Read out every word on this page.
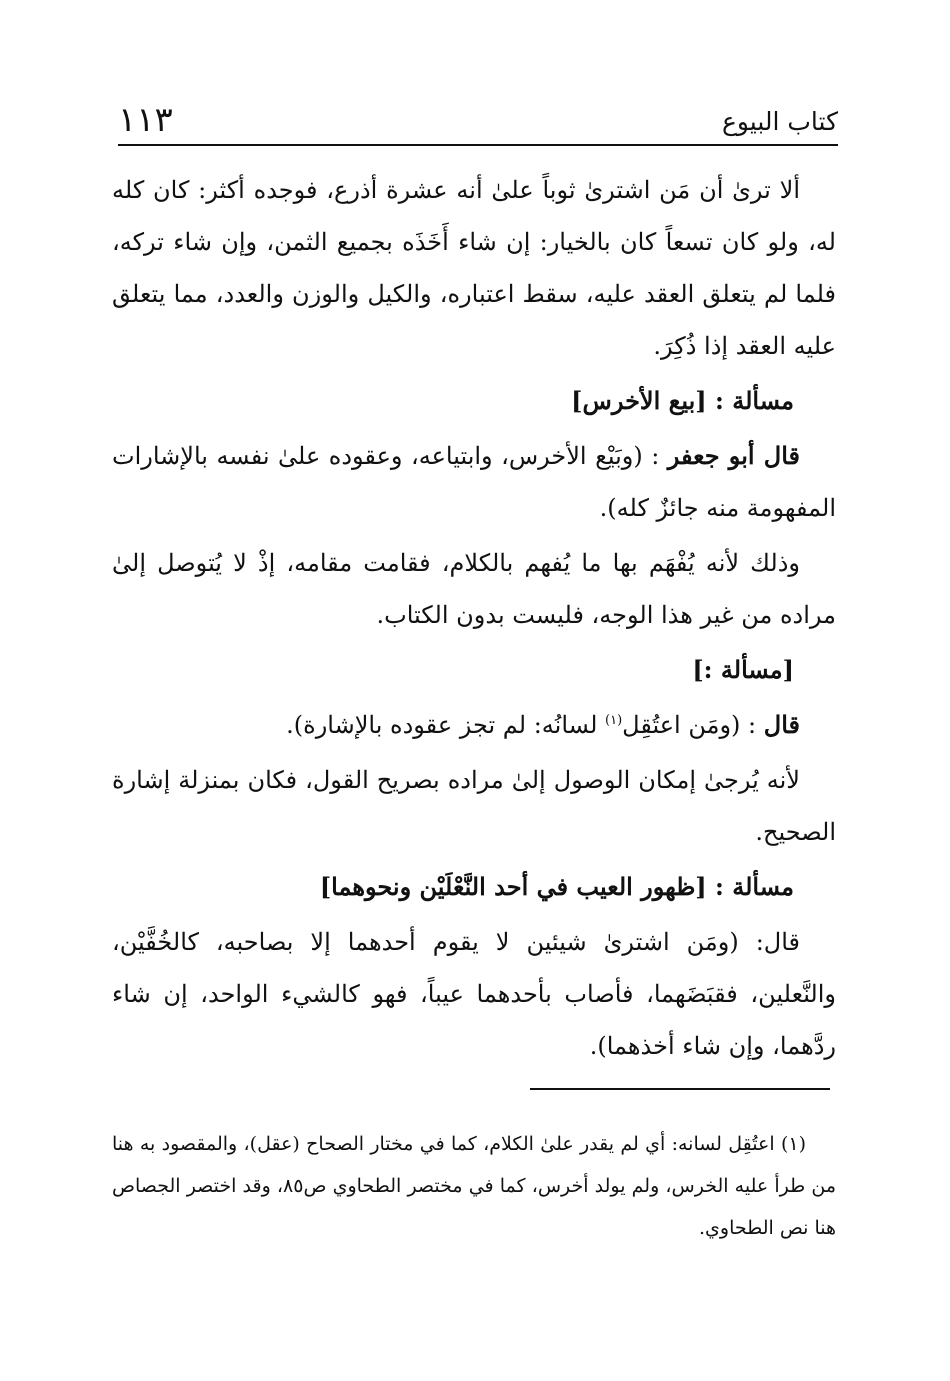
كتاب البيوع
١١٣

ألا ترىٰ أن مَن اشترىٰ ثوباً علىٰ أنه عشرة أذرع، فوجده أكثر: كان كله له، ولو كان تسعاً كان بالخيار: إن شاء أَخَذَه بجميع الثمن، وإن شاء تركه، فلما لم يتعلق العقد عليه، سقط اعتباره، والكيل والوزن والعدد، مما يتعلق عليه العقد إذا ذُكِرَ.

مسألة : [بيع الأخرس]

قال أبو جعفر : (وبَيْع الأخرس، وابتياعه، وعقوده علىٰ نفسه بالإشارات المفهومة منه جائزٌ كله).

وذلك لأنه يُفْهَم بها ما يُفهم بالكلام، فقامت مقامه، إذْ لا يُتوصل إلىٰ مراده من غير هذا الوجه، فليست بدون الكتاب.

[مسألة :]

قال : (ومَن اعتُقِل$^{(١)}$ لسانُه: لم تجز عقوده بالإشارة).

لأنه يُرجىٰ إمكان الوصول إلىٰ مراده بصريح القول، فكان بمنزلة إشارة الصحيح.

مسألة : [ظهور العيب في أحد النَّعْلَيْن ونحوهما]

قال: (ومَن اشترىٰ شيئين لا يقوم أحدهما إلا بصاحبه، كالخُفَّيْن، والنَّعلين، فقبَضَهما، فأصاب بأحدهما عيباً، فهو كالشيء الواحد، إن شاء ردَّهما، وإن شاء أخذهما).

(١) اعتُقِل لسانه: أي لم يقدر علىٰ الكلام، كما في مختار الصحاح (عقل)، والمقصود به هنا من طرأ عليه الخرس، ولم يولد أخرس، كما في مختصر الطحاوي ص٨٥، وقد اختصر الجصاص هنا نص الطحاوي.
